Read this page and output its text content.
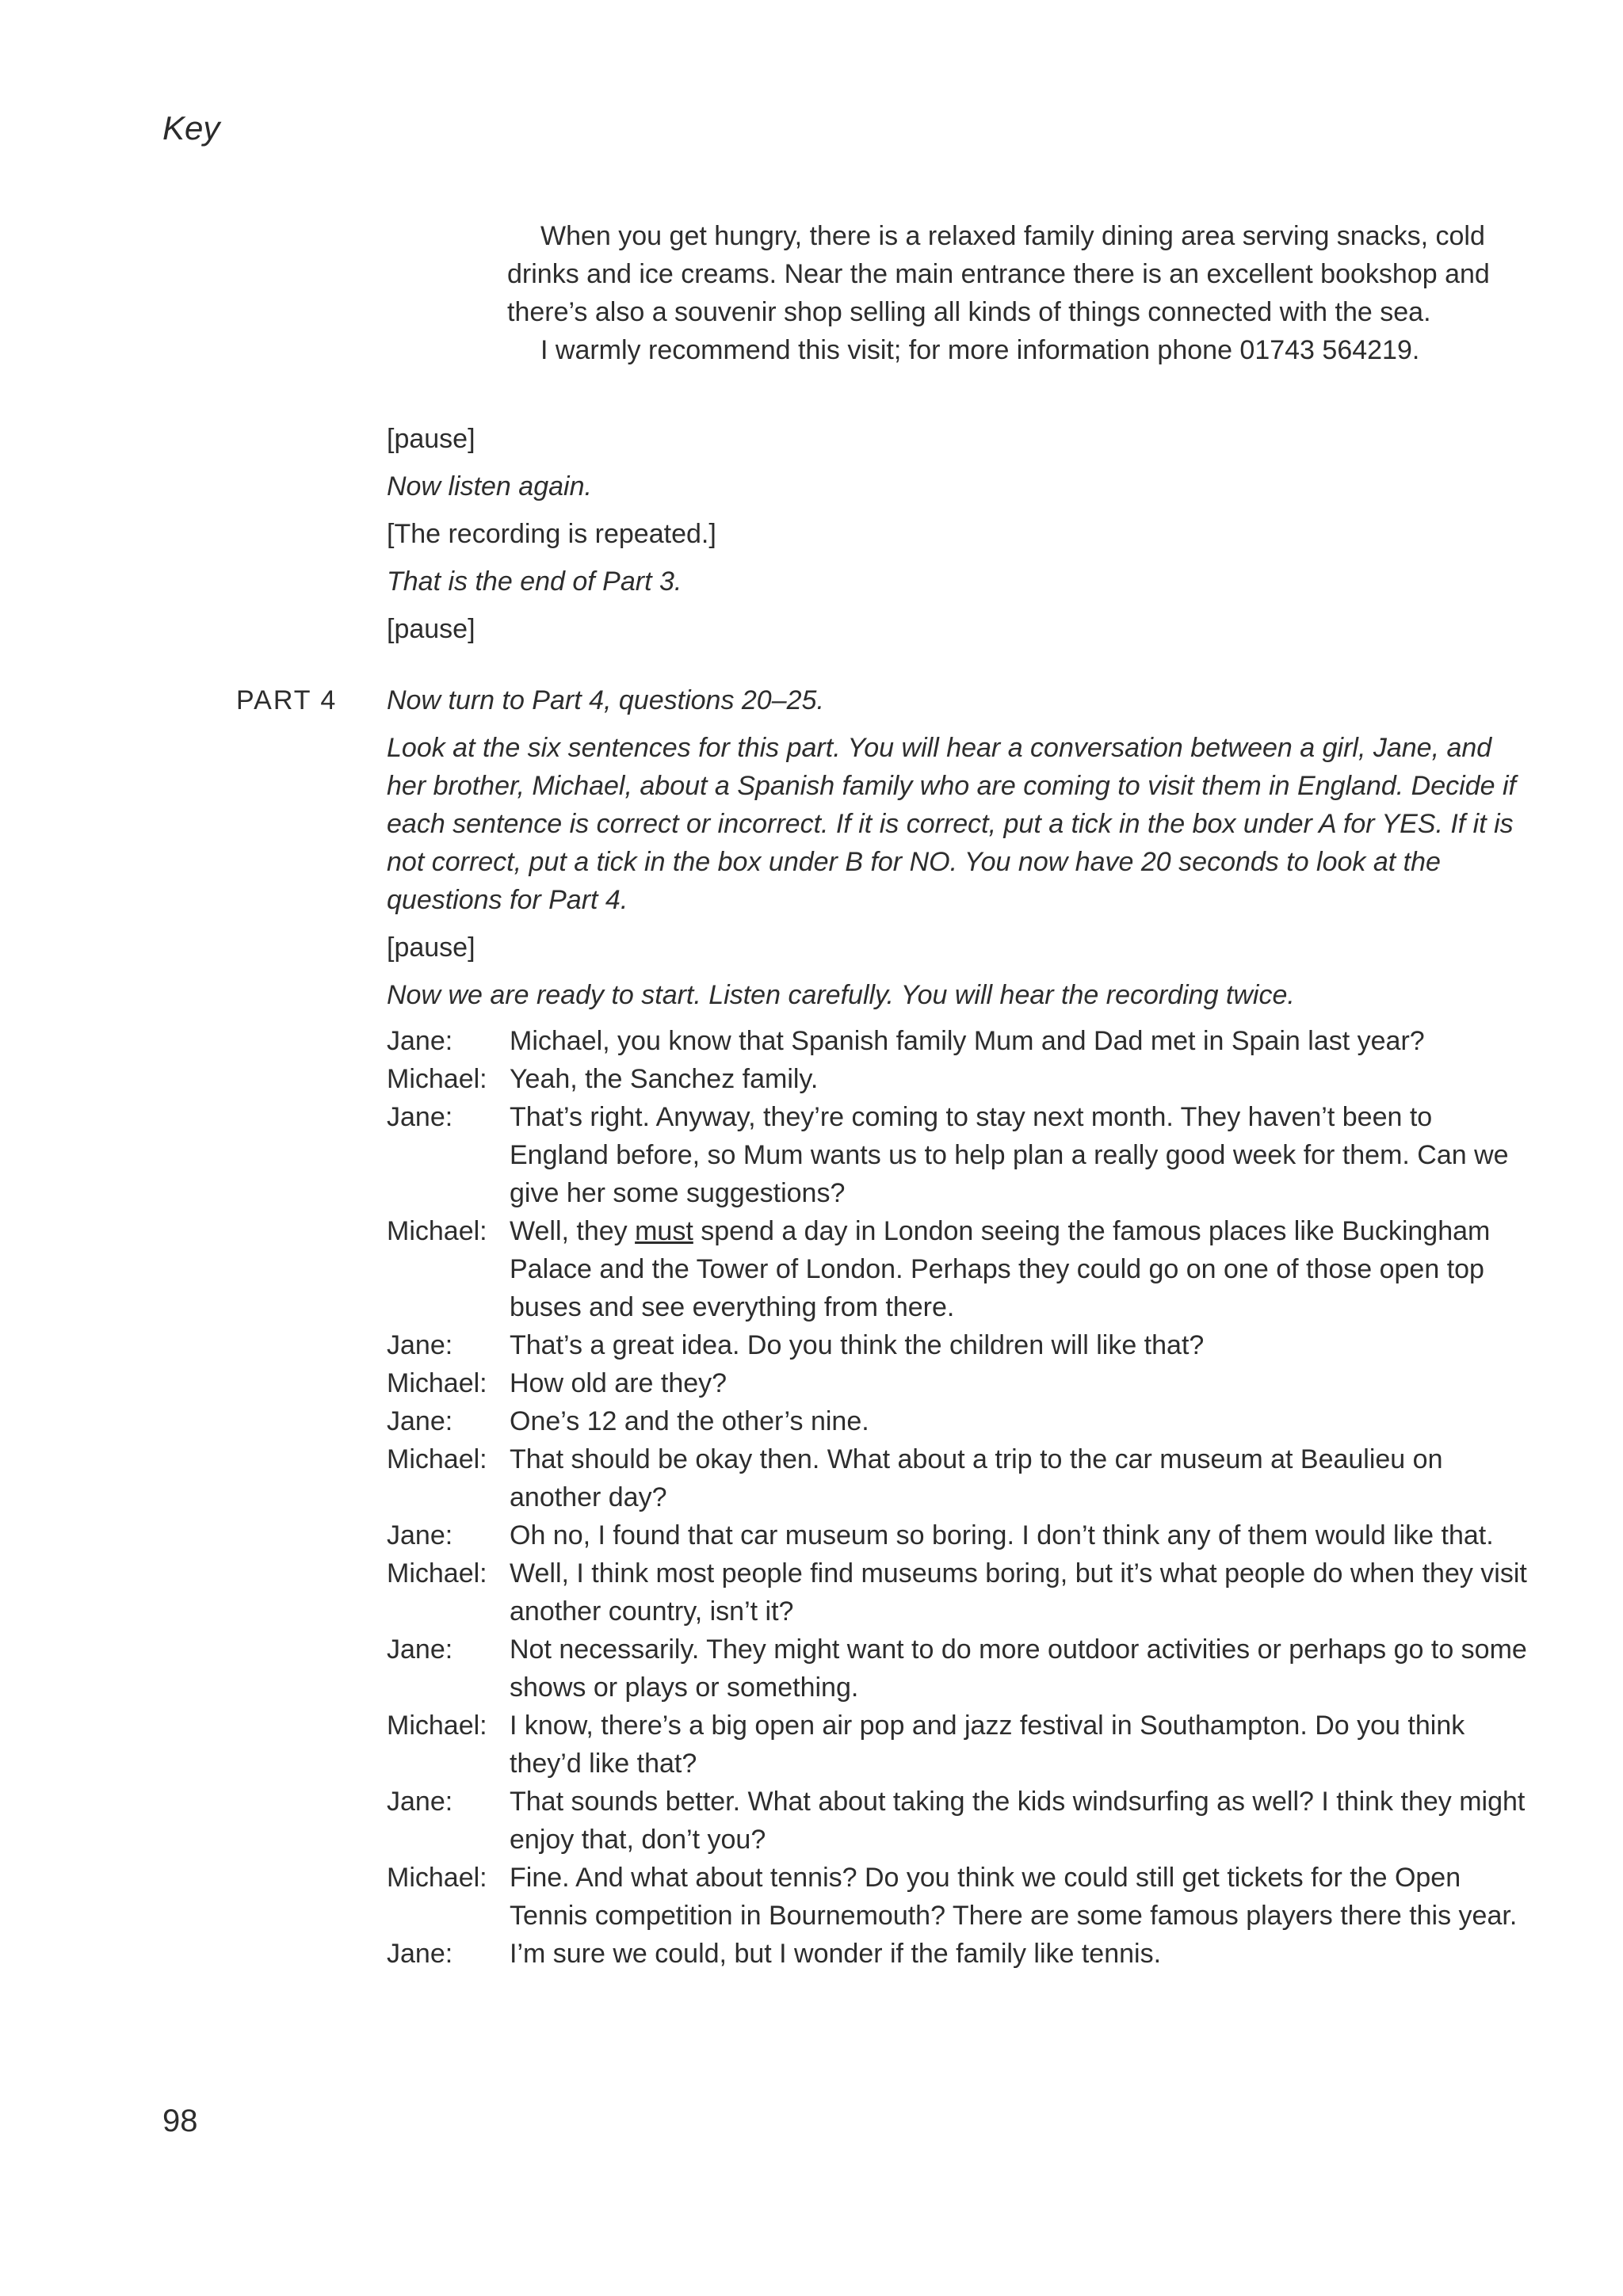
Key

When you get hungry, there is a relaxed family dining area serving snacks, cold drinks and ice creams. Near the main entrance there is an excellent bookshop and there’s also a souvenir shop selling all kinds of things connected with the sea.

I warmly recommend this visit; for more information phone 01743 564219.

[pause]
Now listen again.
[The recording is repeated.]
That is the end of Part 3.
[pause]
PART 4 Now turn to Part 4, questions 20–25.
Look at the six sentences for this part. You will hear a conversation between a girl, Jane, and her brother, Michael, about a Spanish family who are coming to visit them in England. Decide if each sentence is correct or incorrect. If it is correct, put a tick in the box under A for YES. If it is not correct, put a tick in the box under B for NO. You now have 20 seconds to look at the questions for Part 4.
[pause]
Now we are ready to start. Listen carefully. You will hear the recording twice.
Jane:	Michael, you know that Spanish family Mum and Dad met in Spain last year?
Michael: Yeah, the Sanchez family.
Jane:	That’s right. Anyway, they’re coming to stay next month. They haven’t been to England before, so Mum wants us to help plan a really good week for them. Can we give her some suggestions?
Michael: Well, they must spend a day in London seeing the famous places like Buckingham Palace and the Tower of London. Perhaps they could go on one of those open top buses and see everything from there.
Jane:	That’s a great idea. Do you think the children will like that?
Michael: How old are they?
Jane:	One’s 12 and the other’s nine.
Michael: That should be okay then. What about a trip to the car museum at Beaulieu on another day?
Jane:	Oh no, I found that car museum so boring. I don’t think any of them would like that.
Michael: Well, I think most people find museums boring, but it’s what people do when they visit another country, isn’t it?
Jane:	Not necessarily. They might want to do more outdoor activities or perhaps go to some shows or plays or something.
Michael: I know, there’s a big open air pop and jazz festival in Southampton. Do you think they’d like that?
Jane:	That sounds better. What about taking the kids windsurfing as well? I think they might enjoy that, don’t you?
Michael: Fine. And what about tennis? Do you think we could still get tickets for the Open Tennis competition in Bournemouth? There are some famous players there this year.
Jane:	I’m sure we could, but I wonder if the family like tennis.
98
